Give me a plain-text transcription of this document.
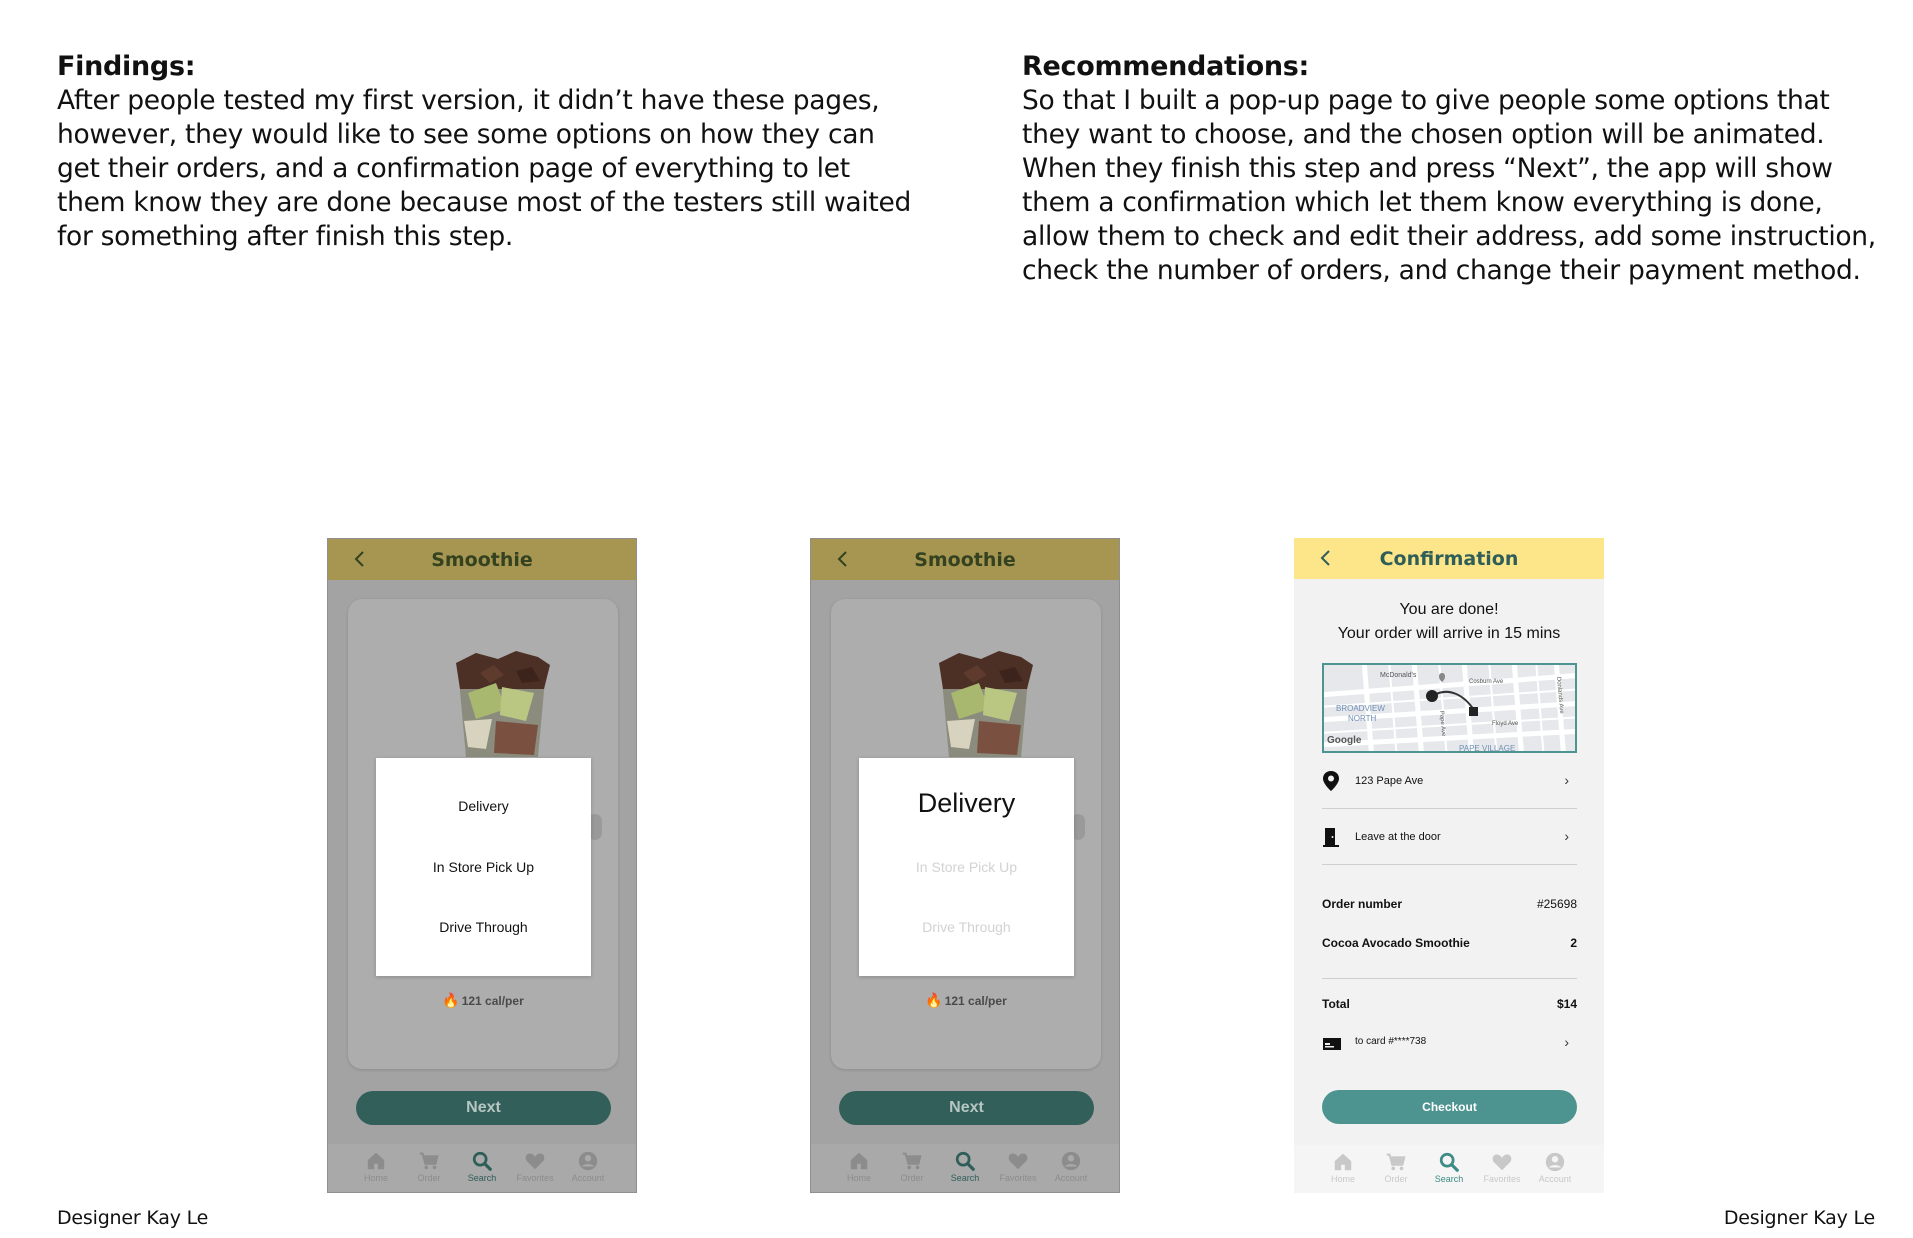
Findings:

After people tested my first version, it didn’t have these pages, however, they would like to see some options on how they can get their orders, and a confirmation page of everything to let them know they are done because most of the testers still waited for something after finish this step.

Recommendations:

So that I built a pop-up page to give people some options that they want to choose, and the chosen option will be animated.

When they finish this step and press “Next”, the app will show them a confirmation which let them know everything is done, allow them to check and edit their address, add some instruction, check the number of orders, and change their payment method.

Smoothie
🔥 121 cal/per
Delivery
In Store Pick Up
Drive Through
Next
Home	Order	Search Favorites Account
Smoothie
🔥 121 cal/per
Delivery
In Store Pick Up
Drive Through
Next
Home	Order	Search Favorites Account
Confirmation
You are done!
Your order will arrive in 15 mins
McDonald's
BROADVIEW
NORTH
PAPE VILLAGE
Google
Cosburn Ave
Floyd Ave
Pape Ave
Donlands Ave
123 Pape Ave	›
Leave at the door	›
Order number	#25698
Cocoa Avocado Smoothie	2
Total	$14
to card #****738	›
Checkout
Home	Order	Search Favorites Account
Designer Kay Le	Designer Kay Le
